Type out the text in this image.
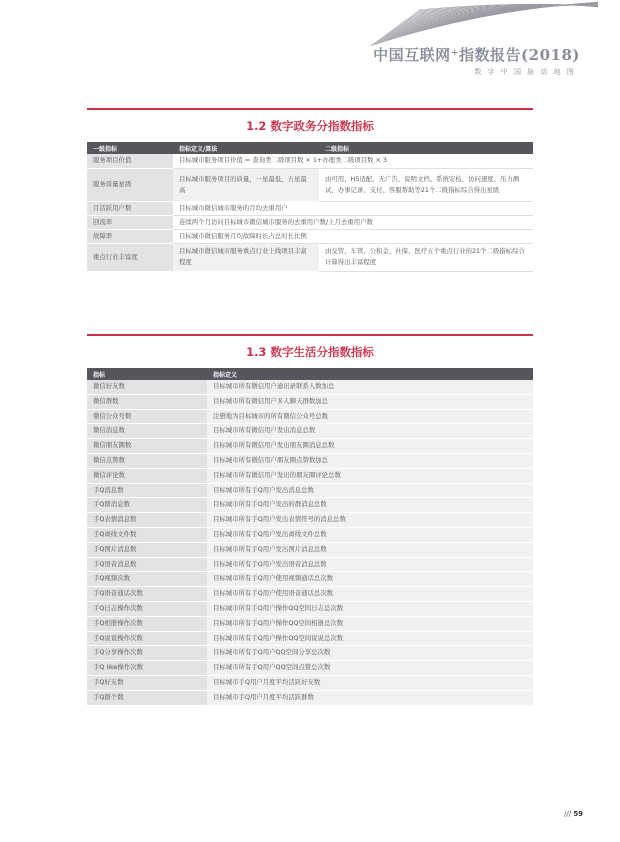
中国互联网⁺指数报告(2018)
数字中国脉动地图
1.2 数字政务分指数指标
一级指标	指标定义/算法	二级指标
服务项目价值	目标城市服务项目价值 = 查询类二级项目数 × 1+办理类二级项目数 × 3	
服务质量星级	目标城市服务项目的质量，一星最低，五星最高	由可用、H5适配、无广告、说明文档、系统安检、访问速度、压力测试、办事记录、支付、客服帮助等21个二级指标综合得出星级
月活跃用户数	目标城市微信城市服务的月均去重用户	
回流率	连续两个月访问目标城市微信城市服务的去重用户数/上月去重用户数	
故障率	目标城市微信服务月均故障时长占总时长比例	
重点行业丰富度	目标城市微信城市服务重点行业上线项目丰富程度	由交管、车管、公积金、社保、医疗五个重点行业的21个二级指标综合计算得出丰富程度
1.3 数字生活分指数指标
指标	指标定义
微信好友数	目标城市所有微信用户通讯录联系人数加总
微信群数	目标城市所有微信用户多人聊天群数加总
微信公众号数	注册地为目标城市的所有微信公众号总数
微信消息数	目标城市所有微信用户发出消息总数
微信朋友圈数	目标城市所有微信用户发出朋友圈消息总数
微信点赞数	目标城市所有微信用户朋友圈点赞数加总
微信评论数	目标城市所有微信用户发出的朋友圈评论总数
手Q消息数	目标城市所有手Q用户发出消息总数
手Q群消息数	目标城市所有手Q用户发出的群消息总数
手Q表情消息数	目标城市所有手Q用户发出表情符号的消息总数
手Q离线文件数	目标城市所有手Q用户发出离线文件总数
手Q图片消息数	目标城市所有手Q用户发出图片消息总数
手Q语音消息数	目标城市所有手Q用户发出语音消息总数
手Q视频次数	目标城市所有手Q用户使用视频通话总次数
手Q语音通话次数	目标城市所有手Q用户使用语音通话总次数
手Q日志操作次数	目标城市所有手Q用户操作QQ空间日志总次数
手Q相册操作次数	目标城市所有手Q用户操作QQ空间相册总次数
手Q说说操作次数	目标城市所有手Q用户操作QQ空间说说总次数
手Q分享操作次数	目标城市所有手Q用户QQ空间分享总次数
手Q like操作次数	目标城市所有手Q用户QQ空间点赞总次数
手Q好友数	目标城市手Q用户月度平均活跃好友数
手Q群个数	目标城市手Q用户月度平均活跃群数
/// 59
